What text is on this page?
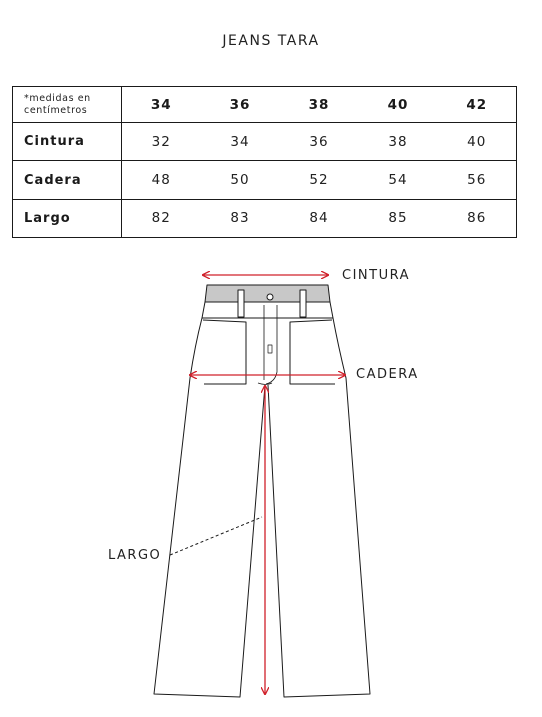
JEANS TARA
*medidas en centímetros	34	36	38	40	42
Cintura	32	34	36	38	40
Cadera	48	50	52	54	56
Largo	82	83	84	85	86
CINTURA
CADERA
LARGO
